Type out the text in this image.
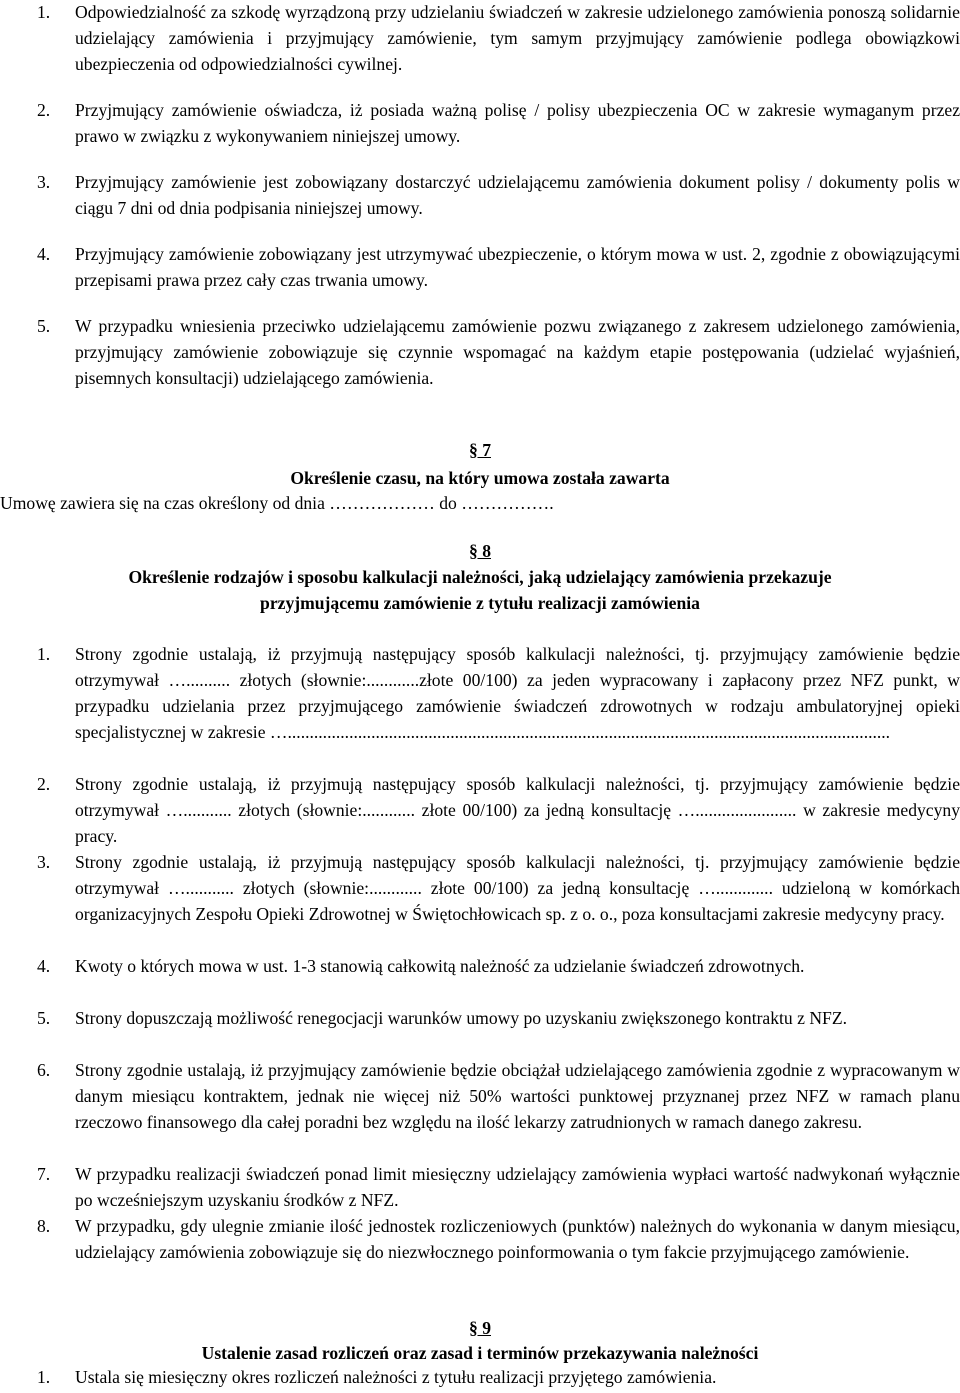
1. Odpowiedzialność za szkodę wyrządzoną przy udzielaniu świadczeń w zakresie udzielonego zamówienia ponoszą solidarnie udzielający zamówienia i przyjmujący zamówienie, tym samym przyjmujący zamówienie podlega obowiązkowi ubezpieczenia od odpowiedzialności cywilnej.
2. Przyjmujący zamówienie oświadcza, iż posiada ważną polisę / polisy ubezpieczenia OC w zakresie wymaganym przez prawo w związku z wykonywaniem niniejszej umowy.
3. Przyjmujący zamówienie jest zobowiązany dostarczyć udzielającemu zamówienia dokument polisy / dokumenty polis w ciągu 7 dni od dnia podpisania niniejszej umowy.
4. Przyjmujący zamówienie zobowiązany jest utrzymywać ubezpieczenie, o którym mowa w ust. 2, zgodnie z obowiązującymi przepisami prawa przez cały czas trwania umowy.
5. W przypadku wniesienia przeciwko udzielającemu zamówienie pozwu związanego z zakresem udzielonego zamówienia, przyjmujący zamówienie zobowiązuje się czynnie wspomagać na każdym etapie postępowania (udzielać wyjaśnień, pisemnych konsultacji) udzielającego zamówienia.
§ 7
Określenie czasu, na który umowa została zawarta
Umowę zawiera się na czas określony od dnia ……………… do …………….
§ 8
Określenie rodzajów i sposobu kalkulacji należności, jaką udzielający zamówienia przekazuje
przyjmującemu zamówienie z tytułu realizacji zamówienia
1. Strony zgodnie ustalają, iż przyjmują następujący sposób kalkulacji należności, tj. przyjmujący zamówienie będzie otrzymywał ….......... złotych (słownie:............złote 00/100) za jeden wypracowany i zapłacony przez NFZ punkt, w przypadku udzielania przez przyjmującego zamówienie świadczeń zdrowotnych w rodzaju ambulatoryjnej opieki specjalistycznej w zakresie ….........................................................................................................................................
2. Strony zgodnie ustalają, iż przyjmują następujący sposób kalkulacji należności, tj. przyjmujący zamówienie będzie otrzymywał …........... złotych (słownie:............ złote 00/100) za jedną konsultację …....................... w zakresie medycyny pracy.
3. Strony zgodnie ustalają, iż przyjmują następujący sposób kalkulacji należności, tj. przyjmujący zamówienie będzie otrzymywał …........... złotych (słownie:............ złote 00/100) za jedną konsultację …............. udzieloną w komórkach organizacyjnych Zespołu Opieki Zdrowotnej w Świętochłowicach sp. z o. o., poza konsultacjami zakresie medycyny pracy.
4. Kwoty o których mowa w ust. 1-3 stanowią całkowitą należność za udzielanie świadczeń zdrowotnych.
5. Strony dopuszczają możliwość renegocjacji warunków umowy po uzyskaniu zwiększonego kontraktu z NFZ.
6. Strony zgodnie ustalają, iż przyjmujący zamówienie będzie obciążał udzielającego zamówienia zgodnie z wypracowanym w danym miesiącu kontraktem, jednak nie więcej niż 50% wartości punktowej przyznanej przez NFZ w ramach planu rzeczowo finansowego dla całej poradni bez względu na ilość lekarzy zatrudnionych w ramach danego zakresu.
7. W przypadku realizacji świadczeń ponad limit miesięczny udzielający zamówienia wypłaci wartość nadwykonań wyłącznie po wcześniejszym uzyskaniu środków z NFZ.
8. W przypadku, gdy ulegnie zmianie ilość jednostek rozliczeniowych (punktów) należnych do wykonania w danym miesiącu, udzielający zamówienia zobowiązuje się do niezwłocznego poinformowania o tym fakcie przyjmującego zamówienie.
§ 9
Ustalenie zasad rozliczeń oraz zasad i terminów przekazywania należności
1. Ustala się miesięczny okres rozliczeń należności z tytułu realizacji przyjętego zamówienia.
